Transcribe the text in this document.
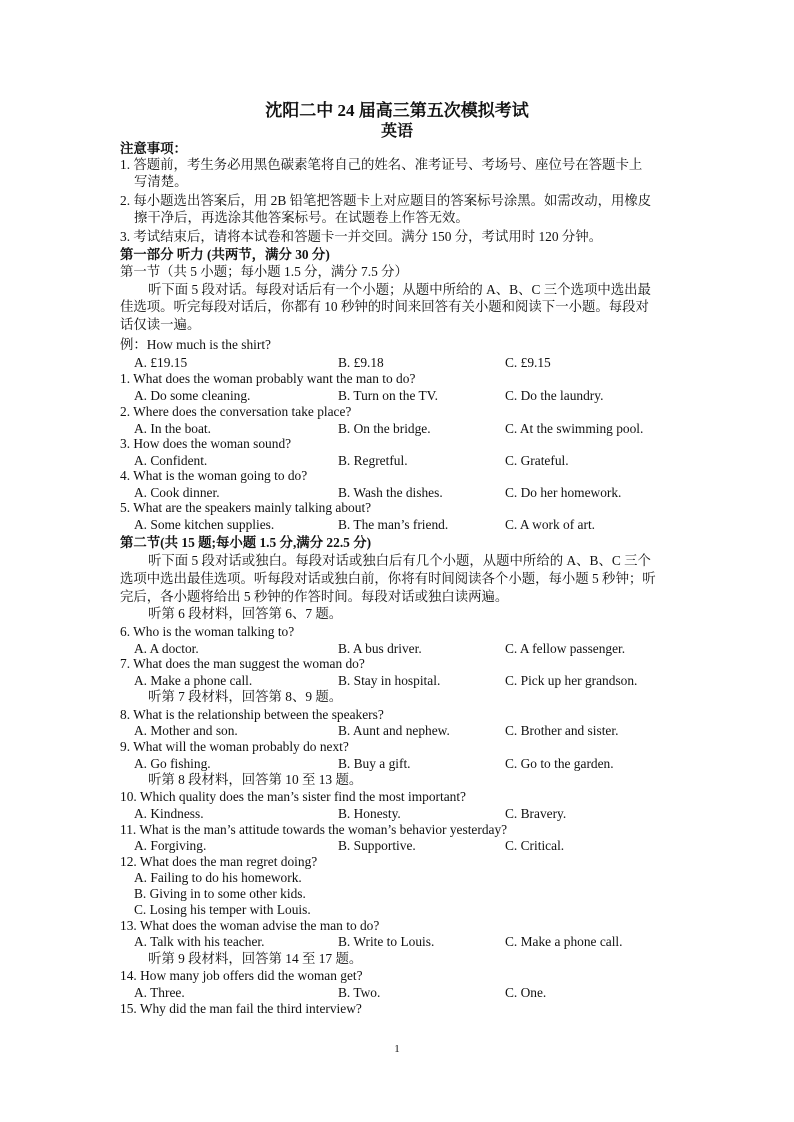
沈阳二中 24 届高三第五次模拟考试
英语
注意事项：
1. 答题前，考生务必用黑色碳素笔将自己的姓名、准考证号、考场号、座位号在答题卡上
写清楚。
2. 每小题选出答案后，用 2B 铅笔把答题卡上对应题目的答案标号涂黑。如需改动，用橡皮
擦干净后，再选涂其他答案标号。在试题卷上作答无效。
3. 考试结束后，请将本试卷和答题卡一并交回。满分 150 分，考试用时 120 分钟。
第一部分 听力 (共两节，满分 30 分)
第一节（共 5 小题；每小题 1.5 分，满分 7.5 分）
听下面 5 段对话。每段对话后有一个小题；从题中所给的 A、B、C 三个选项中选出最
佳选项。听完每段对话后，你都有 10 秒钟的时间来回答有关小题和阅读下一小题。每段对
话仅读一遍。
例：How much is the shirt?
A. £19.15	B. £9.18	C. £9.15
1. What does the woman probably want the man to do?
A. Do some cleaning.	B. Turn on the TV.	C. Do the laundry.
2. Where does the conversation take place?
A. In the boat.	B. On the bridge.	C. At the swimming pool.
3. How does the woman sound?
A. Confident.	B. Regretful.	C. Grateful.
4. What is the woman going to do?
A. Cook dinner.	B. Wash the dishes.	C. Do her homework.
5. What are the speakers mainly talking about?
A. Some kitchen supplies.	B. The man’s friend.	C. A work of art.
第二节(共 15 题;每小题 1.5 分,满分 22.5 分)
听下面 5 段对话或独白。每段对话或独白后有几个小题，从题中所给的 A、B、C 三个
选项中选出最佳选项。听每段对话或独白前，你将有时间阅读各个小题，每小题 5 秒钟；听
完后，各小题将给出 5 秒钟的作答时间。每段对话或独白读两遍。
听第 6 段材料，回答第 6、7 题。
6. Who is the woman talking to?
A. A doctor.	B. A bus driver.	C. A fellow passenger.
7. What does the man suggest the woman do?
A. Make a phone call.	B. Stay in hospital.	C. Pick up her grandson.
听第 7 段材料，回答第 8、9 题。
8. What is the relationship between the speakers?
A. Mother and son.	B. Aunt and nephew.	C. Brother and sister.
9. What will the woman probably do next?
A. Go fishing.	B. Buy a gift.	C. Go to the garden.
听第 8 段材料，回答第 10 至 13 题。
10. Which quality does the man’s sister find the most important?
A. Kindness.	B. Honesty.	C. Bravery.
11. What is the man’s attitude towards the woman’s behavior yesterday?
A. Forgiving.	B. Supportive.	C. Critical.
12. What does the man regret doing?
A. Failing to do his homework.
B. Giving in to some other kids.
C. Losing his temper with Louis.
13. What does the woman advise the man to do?
A. Talk with his teacher.	B. Write to Louis.	C. Make a phone call.
听第 9 段材料，回答第 14 至 17 题。
14. How many job offers did the woman get?
A. Three.	B. Two.	C. One.
15. Why did the man fail the third interview?
1
